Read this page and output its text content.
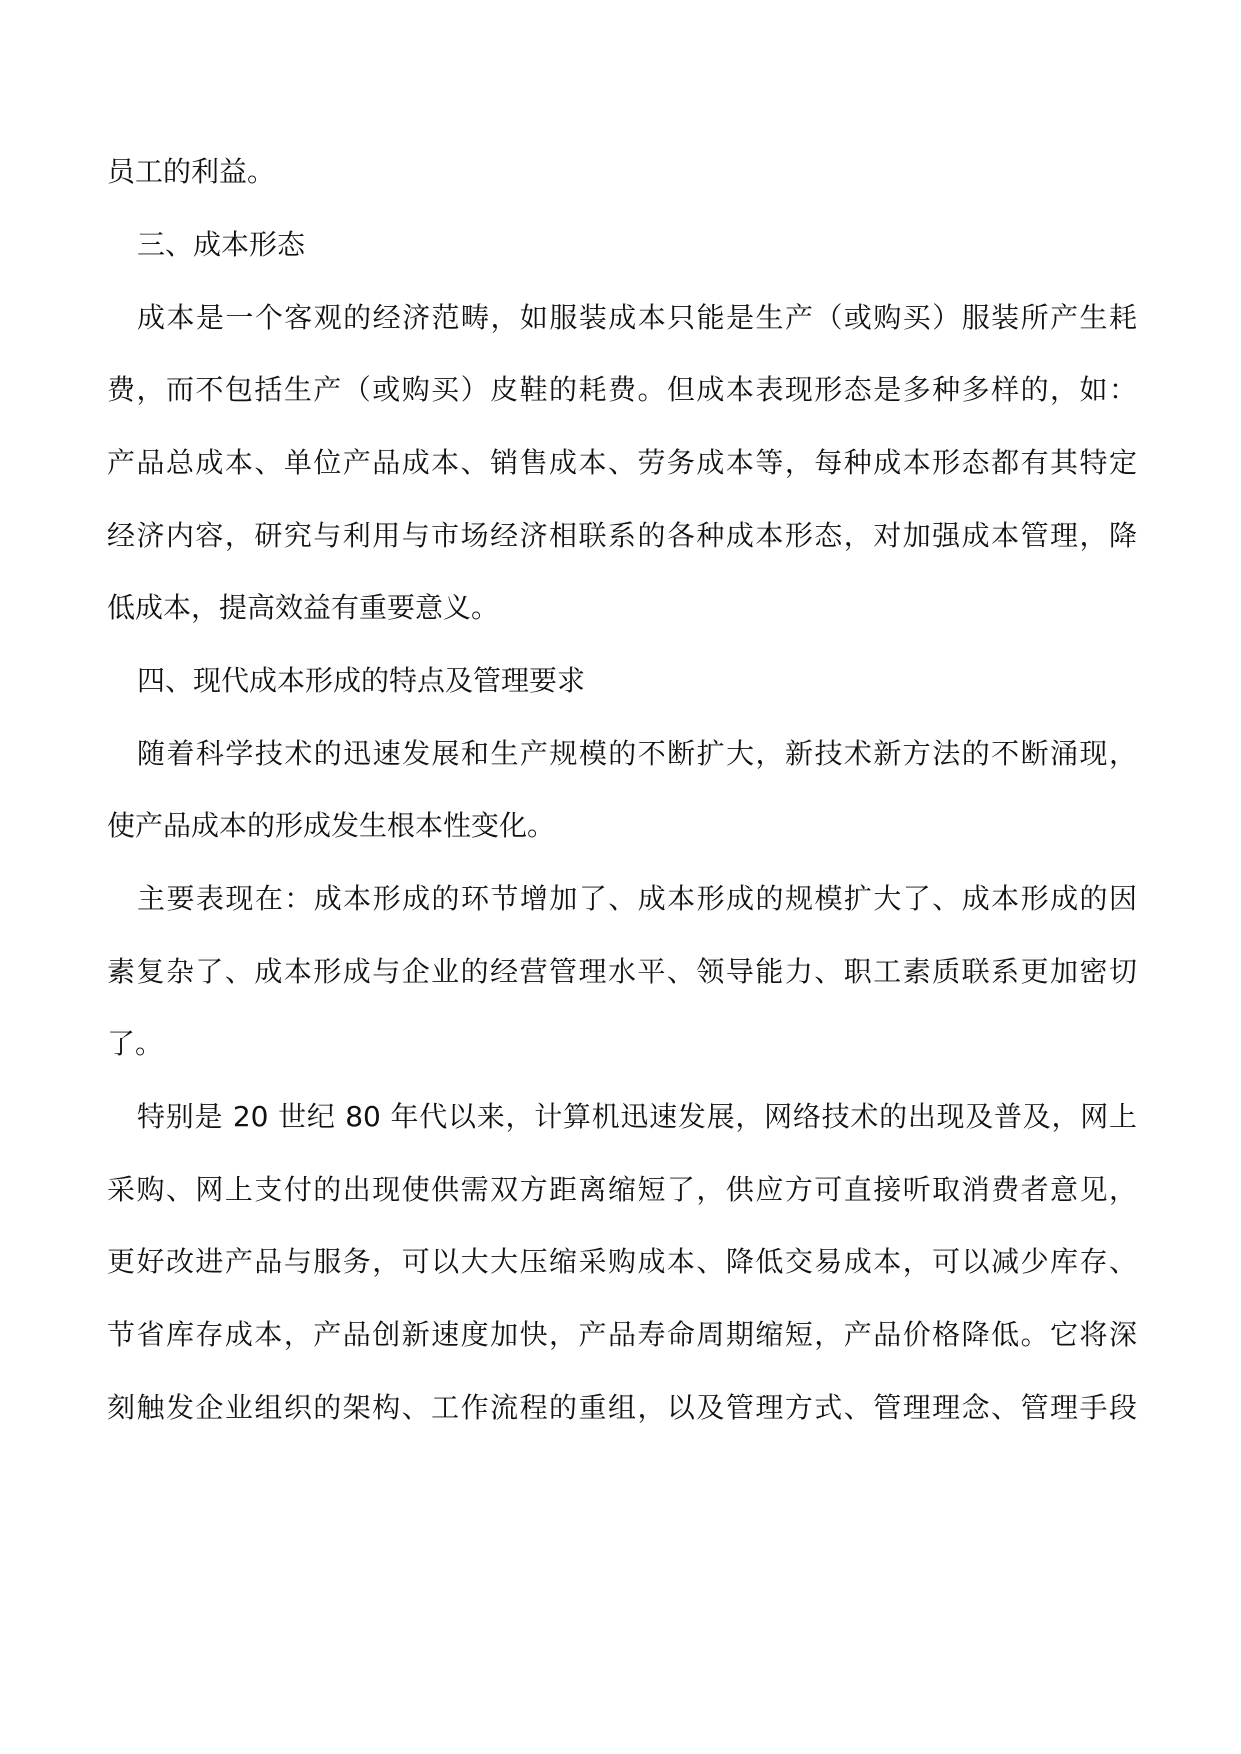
员工的利益。
三、成本形态
成本是一个客观的经济范畴，如服装成本只能是生产（或购买）服装所产生耗
费，而不包括生产（或购买）皮鞋的耗费。但成本表现形态是多种多样的，如：
产品总成本、单位产品成本、销售成本、劳务成本等，每种成本形态都有其特定
经济内容，研究与利用与市场经济相联系的各种成本形态，对加强成本管理，降
低成本，提高效益有重要意义。
四、现代成本形成的特点及管理要求
随着科学技术的迅速发展和生产规模的不断扩大，新技术新方法的不断涌现，
使产品成本的形成发生根本性变化。
主要表现在：成本形成的环节增加了、成本形成的规模扩大了、成本形成的因
素复杂了、成本形成与企业的经营管理水平、领导能力、职工素质联系更加密切
了。
特别是 20 世纪 80 年代以来，计算机迅速发展，网络技术的出现及普及，网上
采购、网上支付的出现使供需双方距离缩短了，供应方可直接听取消费者意见，
更好改进产品与服务，可以大大压缩采购成本、降低交易成本，可以减少库存、
节省库存成本，产品创新速度加快，产品寿命周期缩短，产品价格降低。它将深
刻触发企业组织的架构、工作流程的重组，以及管理方式、管理理念、管理手段
